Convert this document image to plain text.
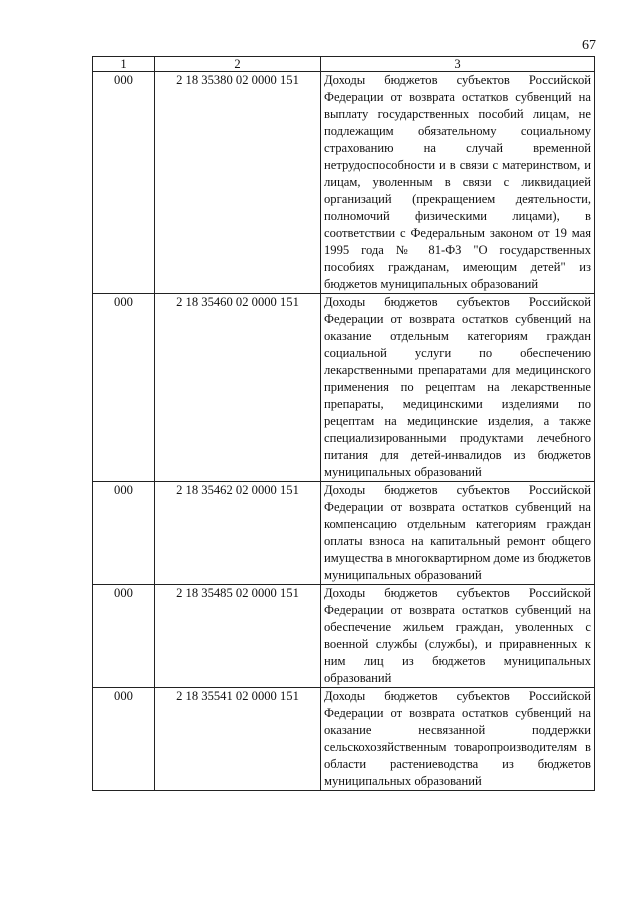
67
1	2	3
000	2 18 35380 02 0000 151	Доходы бюджетов субъектов Российской Федерации от возврата остатков субвенций на выплату государственных пособий лицам, не подлежащим обязательному социальному страхованию на случай временной нетрудоспособности и в связи с материнством, и лицам, уволенным в связи с ликвидацией организаций (прекращением деятельности, полномочий физическими лицами), в соответствии с Федеральным законом от 19 мая 1995 года № 81-ФЗ "О государственных пособиях гражданам, имеющим детей" из бюджетов муниципальных образований
000	2 18 35460 02 0000 151	Доходы бюджетов субъектов Российской Федерации от возврата остатков субвенций на оказание отдельным категориям граждан социальной услуги по обеспечению лекарственными препаратами для медицинского применения по рецептам на лекарственные препараты, медицинскими изделиями по рецептам на медицинские изделия, а также специализированными продуктами лечебного питания для детей-инвалидов из бюджетов муниципальных образований
000	2 18 35462 02 0000 151	Доходы бюджетов субъектов Российской Федерации от возврата остатков субвенций на компенсацию отдельным категориям граждан оплаты взноса на капитальный ремонт общего имущества в многоквартирном доме из бюджетов муниципальных образований
000	2 18 35485 02 0000 151	Доходы бюджетов субъектов Российской Федерации от возврата остатков субвенций на обеспечение жильем граждан, уволенных с военной службы (службы), и приравненных к ним лиц из бюджетов муниципальных образований
000	2 18 35541 02 0000 151	Доходы бюджетов субъектов Российской Федерации от возврата остатков субвенций на оказание несвязанной поддержки сельскохозяйственным товаропроизводителям в области растениеводства из бюджетов муниципальных образований
